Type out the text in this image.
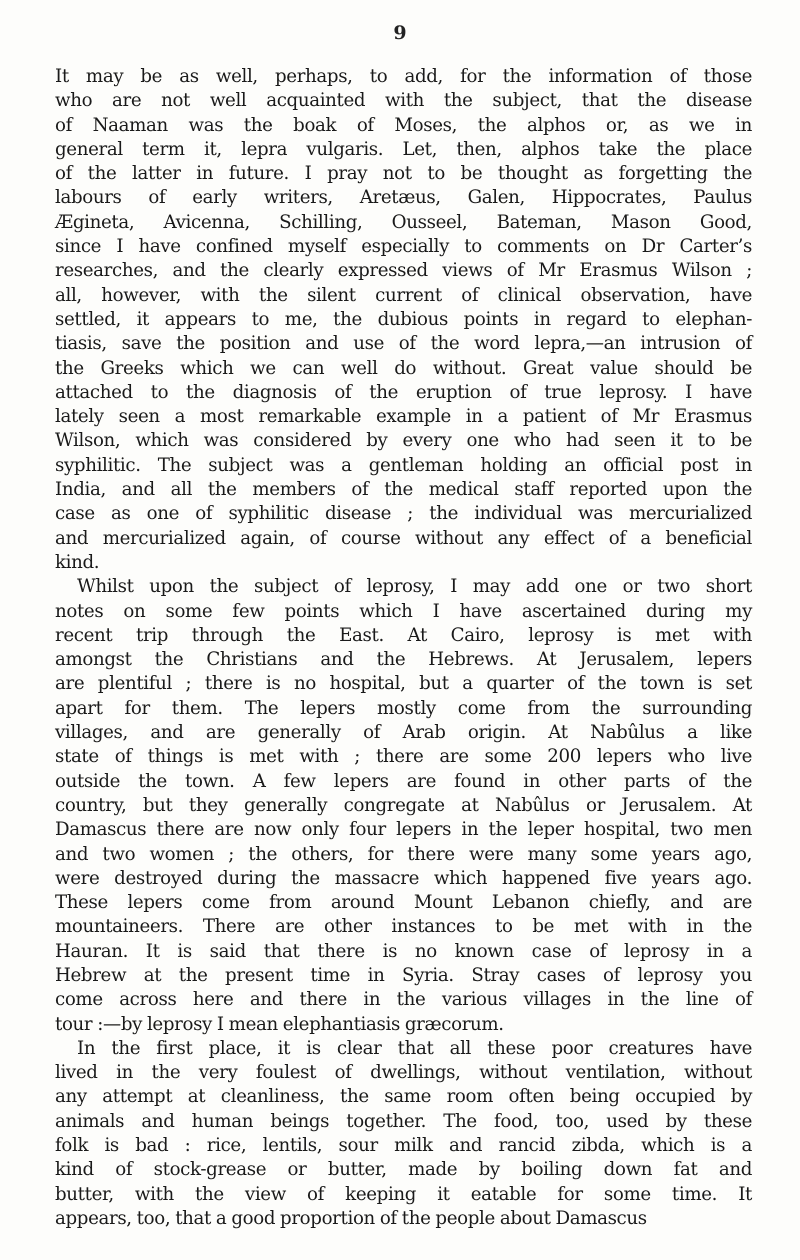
9
It may be as well, perhaps, to add, for the information of those
who are not well acquainted with the subject, that the disease
of Naaman was the boak of Moses, the alphos or, as we in
general term it, lepra vulgaris. Let, then, alphos take the place
of the latter in future. I pray not to be thought as forgetting the
labours of early writers, Aretæus, Galen, Hippocrates, Paulus
Ægineta, Avicenna, Schilling, Ousseel, Bateman, Mason Good,
since I have confined myself especially to comments on Dr Carter’s
researches, and the clearly expressed views of Mr Erasmus Wilson ;
all, however, with the silent current of clinical observation, have
settled, it appears to me, the dubious points in regard to elephan-
tiasis, save the position and use of the word lepra,—an intrusion of
the Greeks which we can well do without. Great value should be
attached to the diagnosis of the eruption of true leprosy. I have
lately seen a most remarkable example in a patient of Mr Erasmus
Wilson, which was considered by every one who had seen it to be
syphilitic. The subject was a gentleman holding an official post in
India, and all the members of the medical staff reported upon the
case as one of syphilitic disease ; the individual was mercurialized
and mercurialized again, of course without any effect of a beneficial
kind.
Whilst upon the subject of leprosy, I may add one or two short
notes on some few points which I have ascertained during my
recent trip through the East. At Cairo, leprosy is met with
amongst the Christians and the Hebrews. At Jerusalem, lepers
are plentiful ; there is no hospital, but a quarter of the town is set
apart for them. The lepers mostly come from the surrounding
villages, and are generally of Arab origin. At Nabûlus a like
state of things is met with ; there are some 200 lepers who live
outside the town. A few lepers are found in other parts of the
country, but they generally congregate at Nabûlus or Jerusalem. At
Damascus there are now only four lepers in the leper hospital, two men
and two women ; the others, for there were many some years ago,
were destroyed during the massacre which happened five years ago.
These lepers come from around Mount Lebanon chiefly, and are
mountaineers. There are other instances to be met with in the
Hauran. It is said that there is no known case of leprosy in a
Hebrew at the present time in Syria. Stray cases of leprosy you
come across here and there in the various villages in the line of
tour :—by leprosy I mean elephantiasis græcorum.
In the first place, it is clear that all these poor creatures have
lived in the very foulest of dwellings, without ventilation, without
any attempt at cleanliness, the same room often being occupied by
animals and human beings together. The food, too, used by these
folk is bad : rice, lentils, sour milk and rancid zibda, which is a
kind of stock-grease or butter, made by boiling down fat and
butter, with the view of keeping it eatable for some time. It
appears, too, that a good proportion of the people about Damascus
